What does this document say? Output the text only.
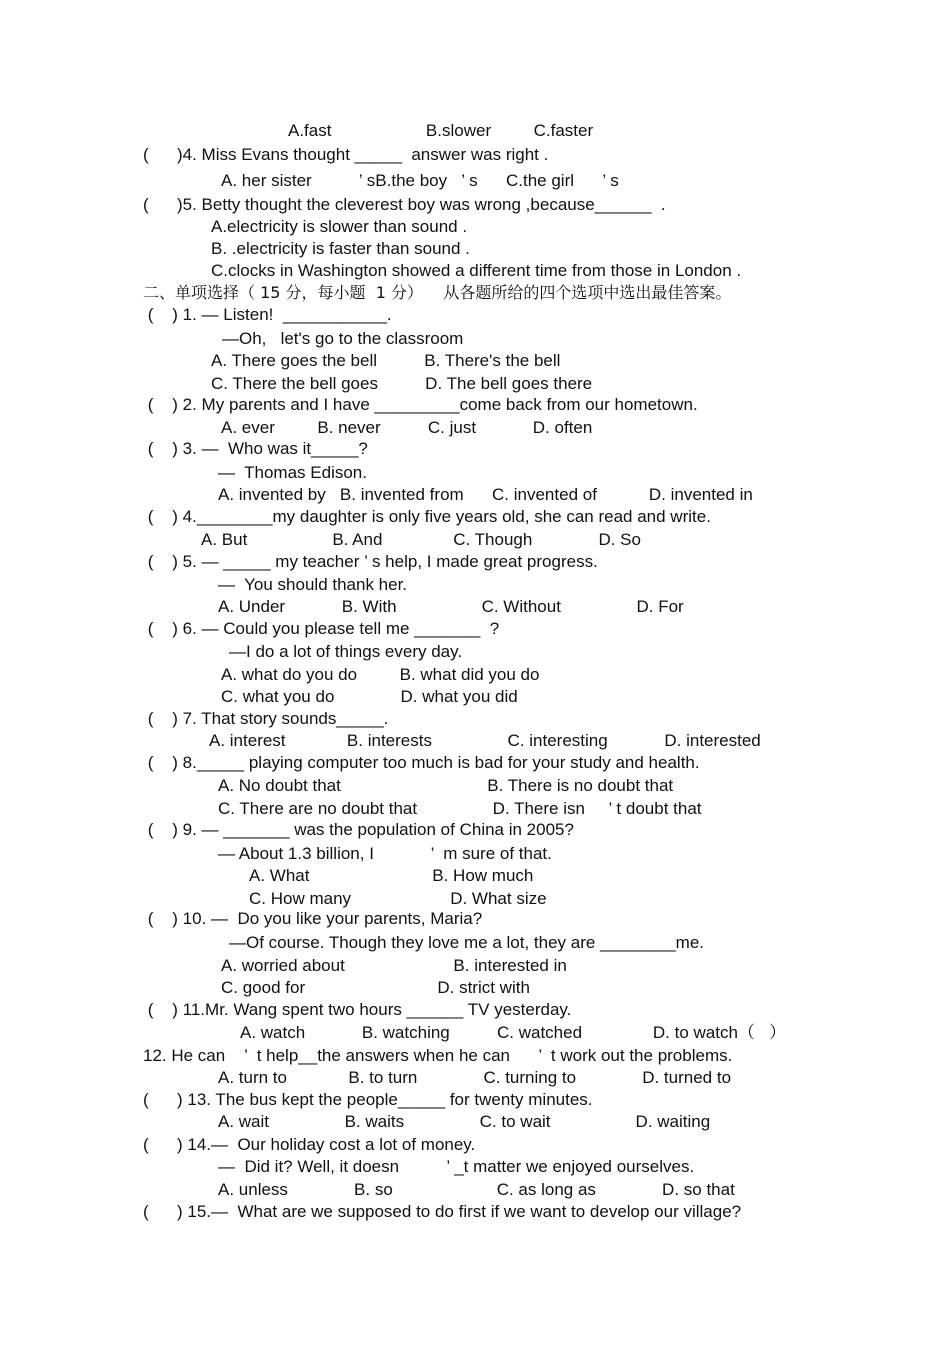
A.fast                    B.slower         C.faster
(      )4. Miss Evans thought _____  answer was right .
A. her sister          ’ sB.the boy   ’ s      C.the girl      ’ s
(      )5. Betty thought the cleverest boy was wrong ,because______  .
A.electricity is slower than sound .
B. .electricity is faster than sound .
C.clocks in Washington showed a different time from those in London .
二、单项选择（ 15 分，每小题  1 分）    从各题所给的四个选项中选出最佳答案。
(    ) 1. — Listen!  ___________.
—Oh,   let's go to the classroom
A. There goes the bell          B. There's the bell
C. There the bell goes          D. The bell goes there
(    ) 2. My parents and I have _________come back from our hometown.
A. ever         B. never          C. just            D. often
(    ) 3. —  Who was it_____?
—  Thomas Edison.
A. invented by   B. invented from      C. invented of           D. invented in
(    ) 4.________my daughter is only five years old, she can read and write.
A. But                  B. And               C. Though              D. So
(    ) 5. — _____ my teacher ’ s help, I made great progress.
—  You should thank her.
A. Under            B. With                  C. Without                D. For
(    ) 6. — Could you please tell me _______  ?
—I do a lot of things every day.
A. what do you do         B. what did you do
C. what you do              D. what you did
(    ) 7. That story sounds_____.
A. interest             B. interests                C. interesting            D. interested
(    ) 8._____ playing computer too much is bad for your study and health.
A. No doubt that                               B. There is no doubt that
C. There are no doubt that                D. There isn     ’ t doubt that
(    ) 9. — _______ was the population of China in 2005?
— About 1.3 billion, I            ’  m sure of that.
A. What                          B. How much
C. How many                     D. What size
(    ) 10. —  Do you like your parents, Maria?
—Of course. Though they love me a lot, they are ________me.
A. worried about                       B. interested in
C. good for                            D. strict with
(    ) 11.Mr. Wang spent two hours ______ TV yesterday.
A. watch            B. watching          C. watched               D. to watch（   ）
12. He can    ’  t help__the answers when he can      ’  t work out the problems.
A. turn to             B. to turn              C. turning to              D. turned to
(      ) 13. The bus kept the people_____ for twenty minutes.
A. wait                B. waits                C. to wait                  D. waiting
(      ) 14.—  Our holiday cost a lot of money.
—  Did it? Well, it doesn          ’ _t matter we enjoyed ourselves.
A. unless              B. so                      C. as long as              D. so that
(      ) 15.—  What are we supposed to do first if we want to develop our village?
